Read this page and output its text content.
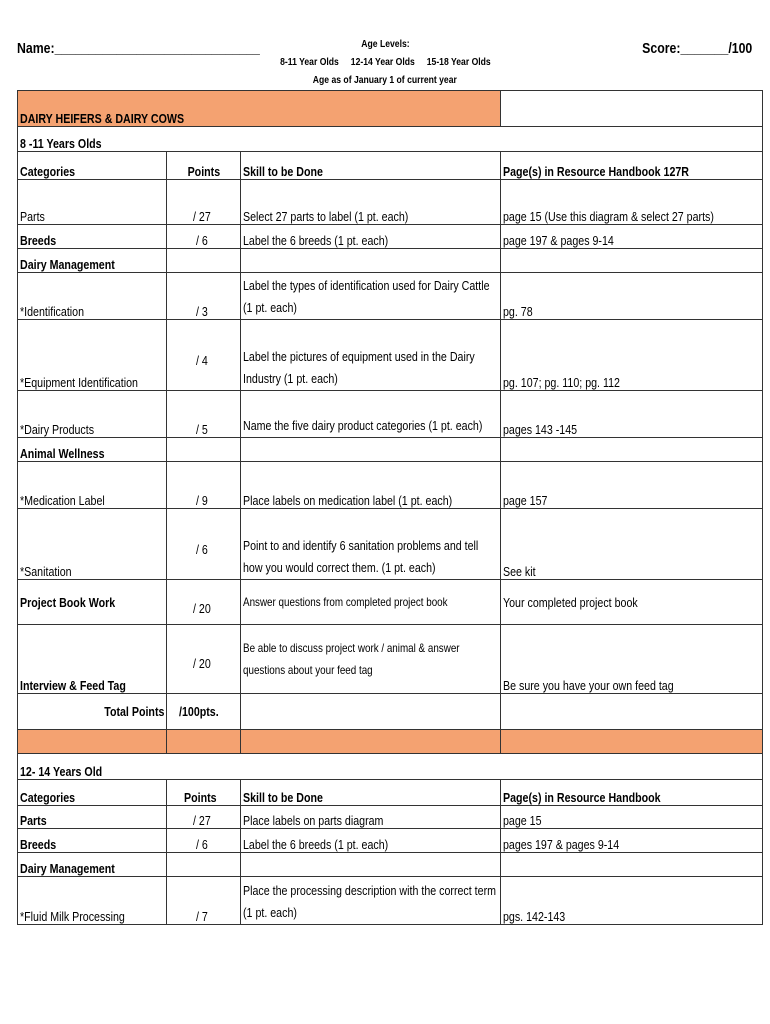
Name:______________________________	Age Levels:
8-11 Year Olds     12-14 Year Olds     15-18 Year Olds
Age as of January 1 of current year
Score:_______/100
DAIRY HEIFERS & DAIRY COWS			
8 -11 Years Olds			
Categories	Points	Skill to be Done	Page(s) in Resource Handbook 127R
Parts	/ 27	Select 27 parts to label (1 pt. each)	page 15 (Use this diagram & select 27 parts)
Breeds	/ 6	Label the 6 breeds (1 pt. each)	page 197 & pages 9-14
Dairy Management			
*Identification	/ 3	Label the types of identification used for Dairy Cattle (1 pt. each)	pg. 78
*Equipment Identification	/ 4	Label the pictures of equipment used in the Dairy Industry (1 pt. each)	pg. 107; pg. 110; pg. 112
*Dairy Products	/ 5	Name the five dairy product categories (1 pt. each)	pages 143 -145
Animal Wellness			
*Medication Label	/ 9	Place labels on medication label (1 pt. each)	page 157
*Sanitation	/ 6	Point to and identify 6 sanitation problems and tell how you would correct them. (1 pt. each)	See kit
Project Book Work	/ 20	Answer questions from completed project book	Your completed project book
Interview & Feed Tag	/ 20	Be able to discuss project work / animal & answer questions about your feed tag	Be sure you have your own feed tag
Total Points	/100pts.		

12- 14 Years Old			
Categories	Points	Skill to be Done	Page(s) in Resource Handbook
Parts	/ 27	Place labels on parts diagram	page 15
Breeds	/ 6	Label the 6 breeds (1 pt. each)	pages 197 & pages 9-14
Dairy Management			
*Fluid Milk Processing	/ 7	Place the processing description with the correct term (1 pt. each)	pgs. 142-143
